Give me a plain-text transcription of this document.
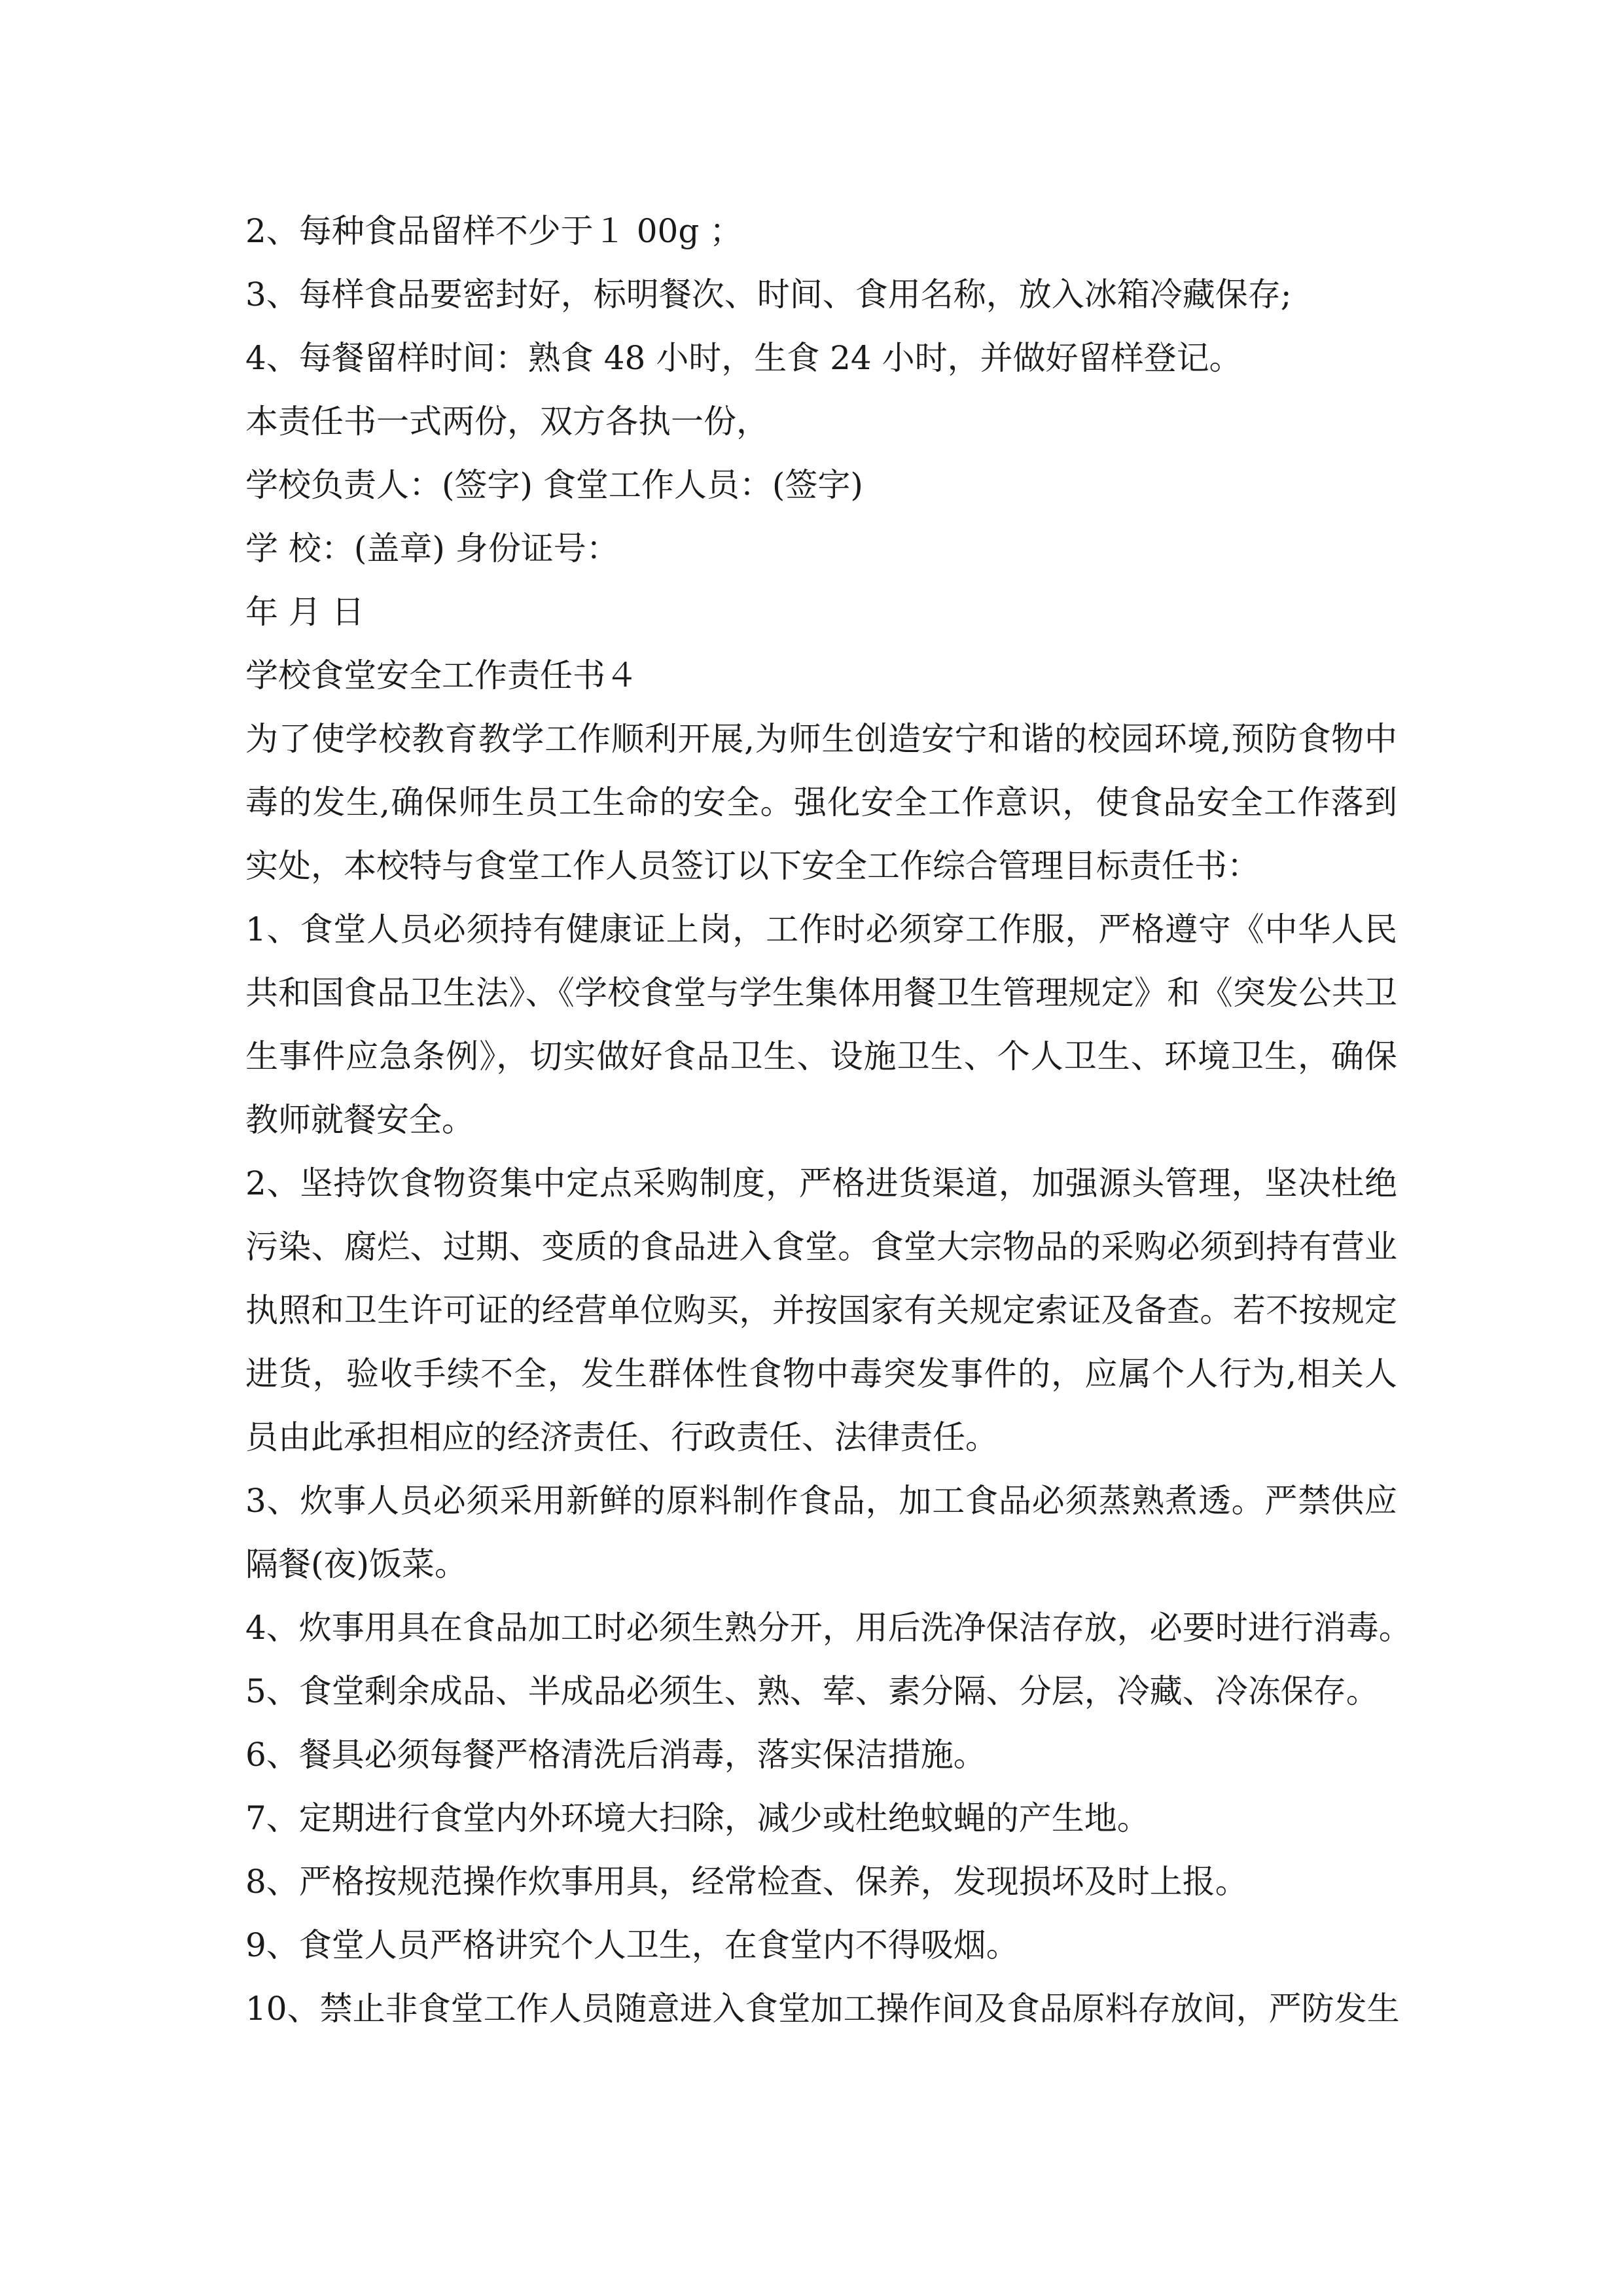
2、每种食品留样不少于１ 00g ；
3、每样食品要密封好，标明餐次、时间、食用名称，放入冰箱冷藏保存;
4、每餐留样时间：熟食 48 小时，生食 24 小时，并做好留样登记。
本责任书一式两份，双方各执一份，
学校负责人：(签字) 食堂工作人员：(签字)
学 校：(盖章) 身份证号：
年 月 日
学校食堂安全工作责任书４
为了使学校教育教学工作顺利开展,为师生创造安宁和谐的校园环境,预防食物中毒的发生,确保师生员工生命的安全。强化安全工作意识，使食品安全工作落到实处，本校特与食堂工作人员签订以下安全工作综合管理目标责任书：
1、食堂人员必须持有健康证上岗，工作时必须穿工作服，严格遵守《中华人民共和国食品卫生法》、《学校食堂与学生集体用餐卫生管理规定》和《突发公共卫生事件应急条例》，切实做好食品卫生、设施卫生、个人卫生、环境卫生，确保教师就餐安全。
2、坚持饮食物资集中定点采购制度，严格进货渠道，加强源头管理，坚决杜绝污染、腐烂、过期、变质的食品进入食堂。食堂大宗物品的采购必须到持有营业执照和卫生许可证的经营单位购买，并按国家有关规定索证及备查。若不按规定进货，验收手续不全，发生群体性食物中毒突发事件的，应属个人行为,相关人员由此承担相应的经济责任、行政责任、法律责任。
3、炊事人员必须采用新鲜的原料制作食品，加工食品必须蒸熟煮透。严禁供应隔餐(夜)饭菜。
4、炊事用具在食品加工时必须生熟分开，用后洗净保洁存放，必要时进行消毒。
5、食堂剩余成品、半成品必须生、熟、荤、素分隔、分层，冷藏、冷冻保存。
6、餐具必须每餐严格清洗后消毒，落实保洁措施。
7、定期进行食堂内外环境大扫除，减少或杜绝蚊蝇的产生地。
8、严格按规范操作炊事用具，经常检查、保养，发现损坏及时上报。
9、食堂人员严格讲究个人卫生，在食堂内不得吸烟。
10、禁止非食堂工作人员随意进入食堂加工操作间及食品原料存放间，严防发生
